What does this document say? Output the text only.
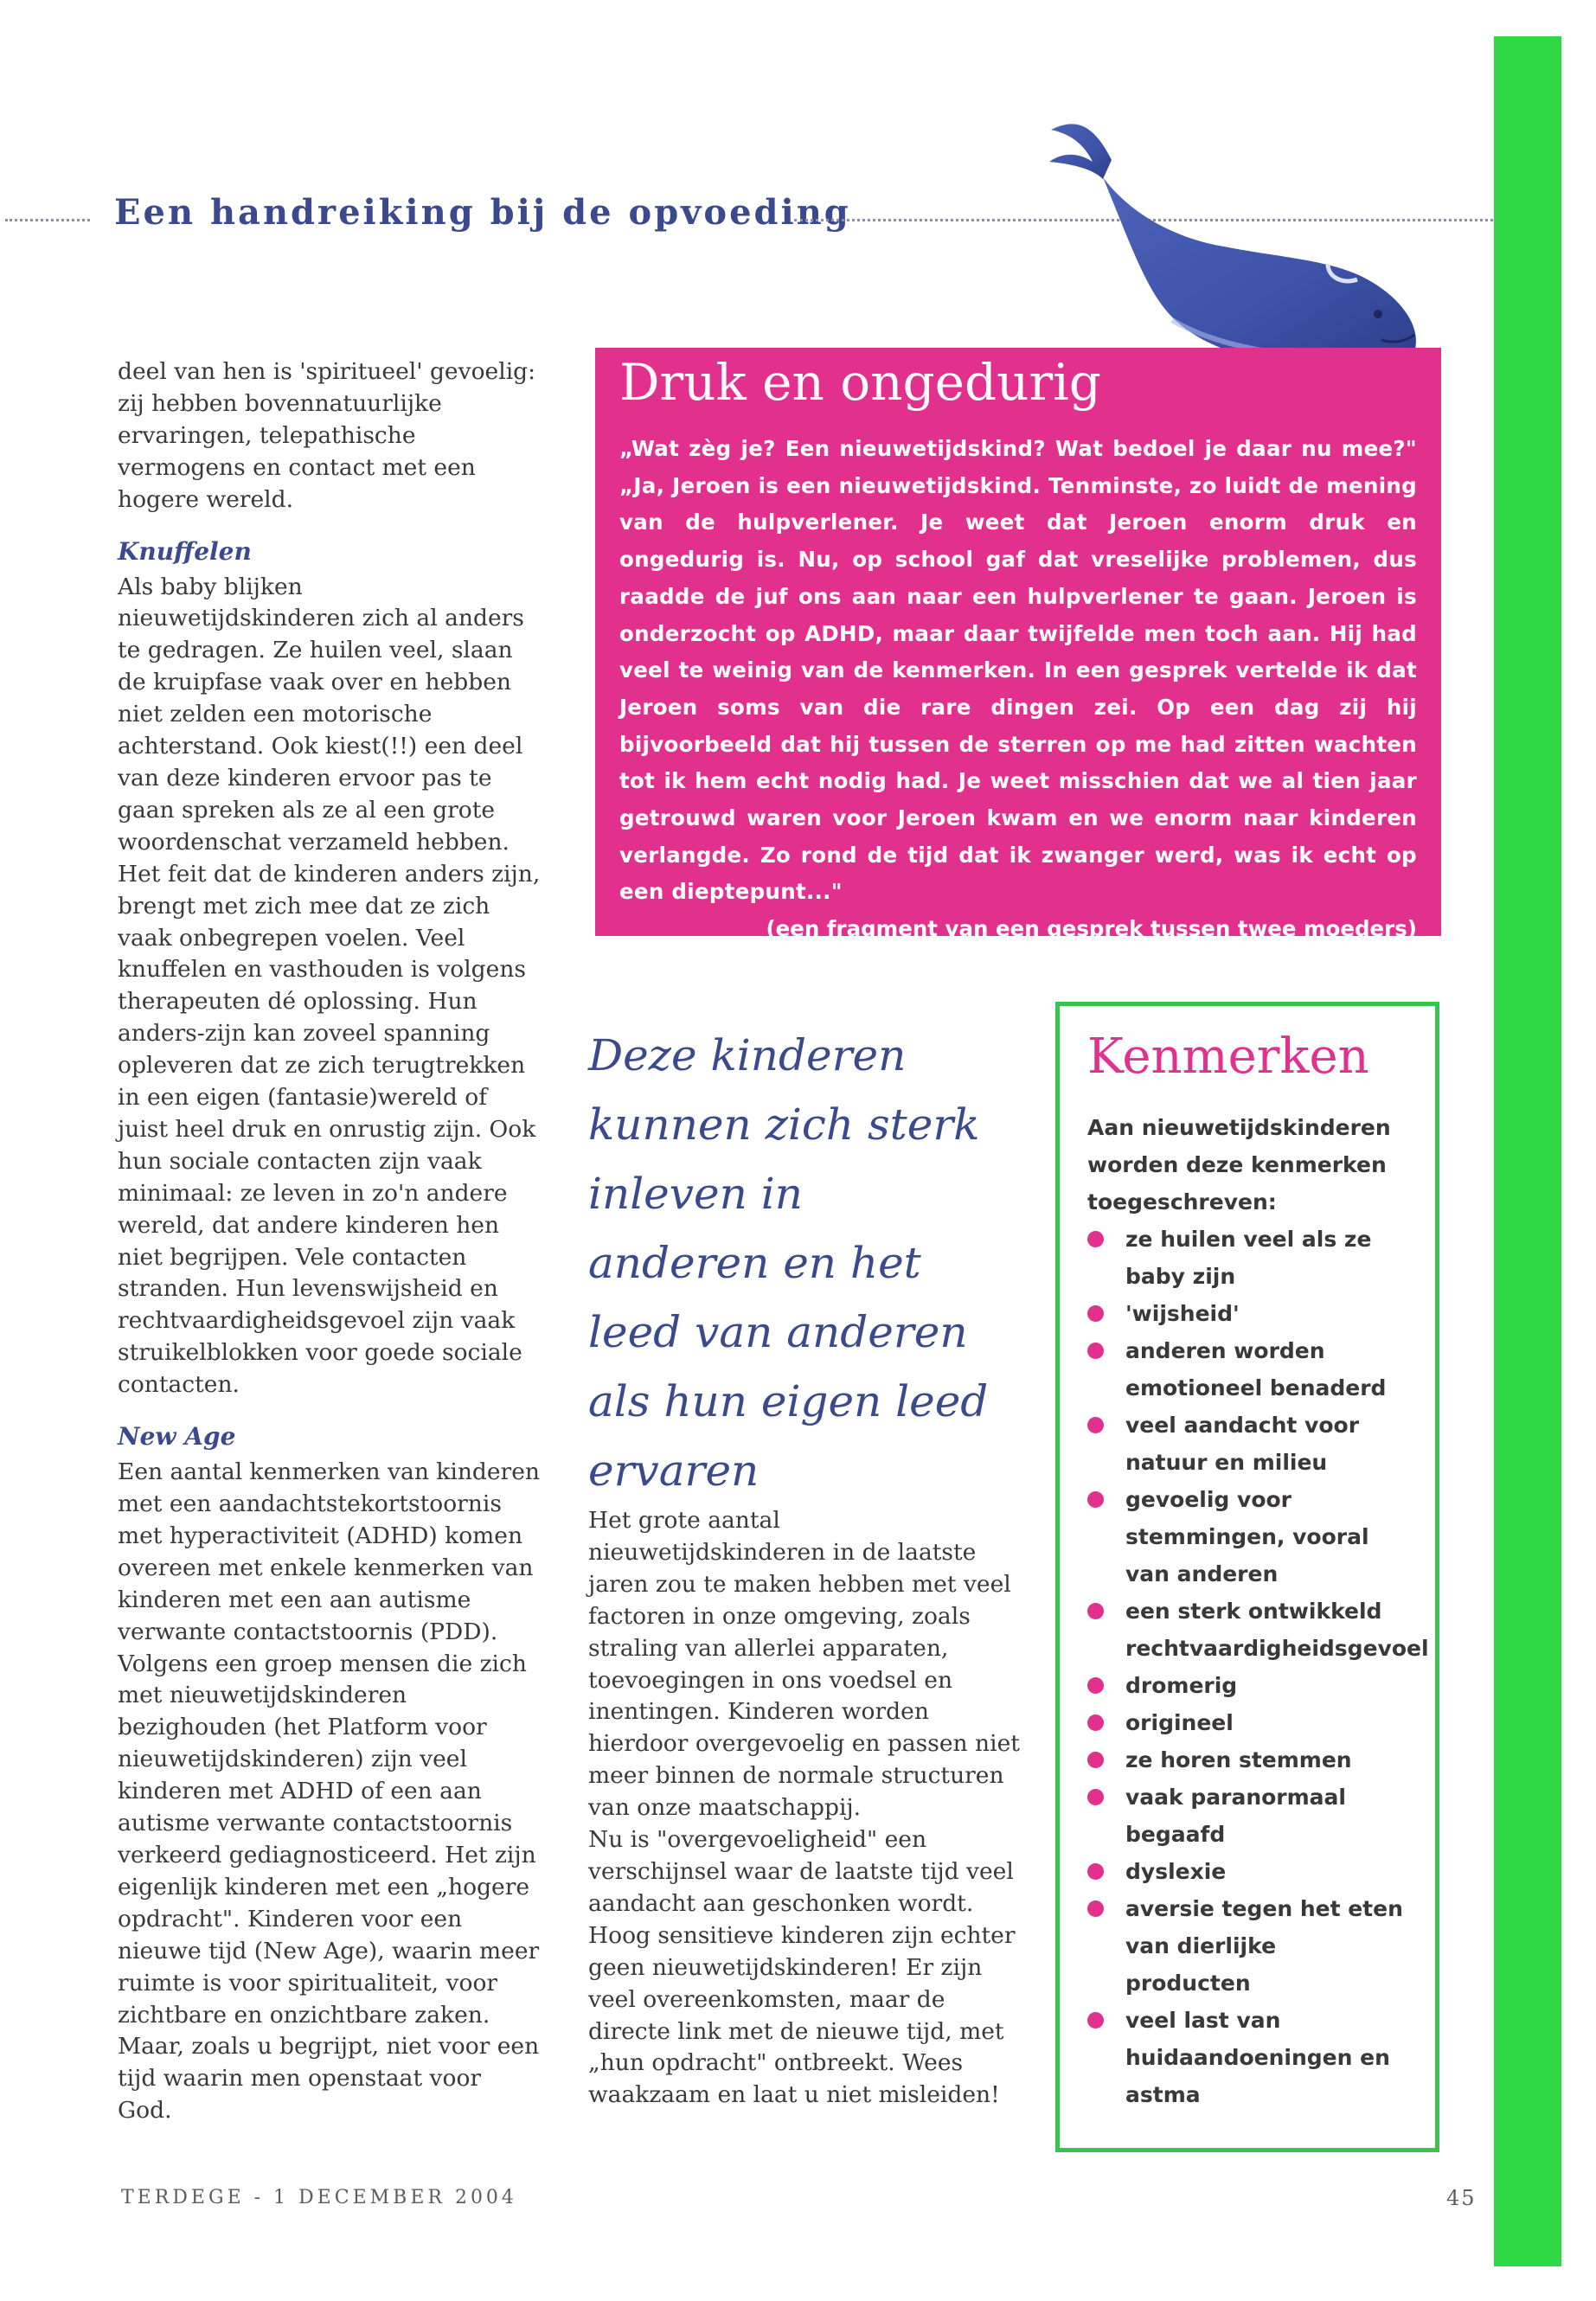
Een handreiking bij de opvoeding

deel van hen is 'spiritueel' gevoelig: zij hebben bovennatuurlijke ervaringen, telepathische vermogens en contact met een hogere wereld.

Knuffelen

Als baby blijken nieuwetijdskinderen zich al anders te gedragen. Ze huilen veel, slaan de kruipfase vaak over en hebben niet zelden een motorische achterstand. Ook kiest(!!) een deel van deze kinderen ervoor pas te gaan spreken als ze al een grote woordenschat verzameld hebben.

Het feit dat de kinderen anders zijn, brengt met zich mee dat ze zich vaak onbegrepen voelen. Veel knuffelen en vasthouden is volgens therapeuten dé oplossing. Hun anders-zijn kan zoveel spanning opleveren dat ze zich terugtrekken in een eigen (fantasie)wereld of juist heel druk en onrustig zijn. Ook hun sociale contacten zijn vaak minimaal: ze leven in zo'n andere wereld, dat andere kinderen hen niet begrijpen. Vele contacten stranden. Hun levenswijsheid en rechtvaardigheidsgevoel zijn vaak struikelblokken voor goede sociale contacten.

New Age

Een aantal kenmerken van kinderen met een aandachtstekortstoornis met hyperactiviteit (ADHD) komen overeen met enkele kenmerken van kinderen met een aan autisme verwante contactstoornis (PDD). Volgens een groep mensen die zich met nieuwetijdskinderen bezighouden (het Platform voor nieuwetijdskinderen) zijn veel kinderen met ADHD of een aan autisme verwante contactstoornis verkeerd gediagnosticeerd. Het zijn eigenlijk kinderen met een „hogere opdracht". Kinderen voor een nieuwe tijd (New Age), waarin meer ruimte is voor spiritualiteit, voor zichtbare en onzichtbare zaken. Maar, zoals u begrijpt, niet voor een tijd waarin men openstaat voor God.

Druk en ongedurig

„Wat zèg je? Een nieuwetijdskind? Wat bedoel je daar nu mee?" „Ja, Jeroen is een nieuwetijdskind. Tenminste, zo luidt de mening van de hulpverlener. Je weet dat Jeroen enorm druk en ongedurig is. Nu, op school gaf dat vreselijke problemen, dus raadde de juf ons aan naar een hulpverlener te gaan. Jeroen is onderzocht op ADHD, maar daar twijfelde men toch aan. Hij had veel te weinig van de kenmerken. In een gesprek vertelde ik dat Jeroen soms van die rare dingen zei. Op een dag zij hij bijvoorbeeld dat hij tussen de sterren op me had zitten wachten tot ik hem echt nodig had. Je weet misschien dat we al tien jaar getrouwd waren voor Jeroen kwam en we enorm naar kinderen verlangde. Zo rond de tijd dat ik zwanger werd, was ik echt op een dieptepunt..."

(een fragment van een gesprek tussen twee moeders)

Deze kinderen kunnen zich sterk inleven in anderen en het leed van anderen als hun eigen leed ervaren

Het grote aantal nieuwetijdskinderen in de laatste jaren zou te maken hebben met veel factoren in onze omgeving, zoals straling van allerlei apparaten, toevoegingen in ons voedsel en inentingen. Kinderen worden hierdoor overgevoelig en passen niet meer binnen de normale structuren van onze maatschappij.

Nu is "overgevoeligheid" een verschijnsel waar de laatste tijd veel aandacht aan geschonken wordt. Hoog sensitieve kinderen zijn echter geen nieuwetijdskinderen! Er zijn veel overeenkomsten, maar de directe link met de nieuwe tijd, met „hun opdracht" ontbreekt. Wees waakzaam en laat u niet misleiden!

Kenmerken

Aan nieuwetijdskinderen worden deze kenmerken toegeschreven:

ze huilen veel als ze baby zijn
'wijsheid'
anderen worden emotioneel benaderd
veel aandacht voor natuur en milieu
gevoelig voor stemmingen, vooral van anderen
een sterk ontwikkeld rechtvaardigheidsgevoel
dromerig
origineel
ze horen stemmen
vaak paranormaal begaafd
dyslexie
aversie tegen het eten van dierlijke producten
veel last van huidaandoeningen en astma
TERDEGE - 1 DECEMBER 2004	45
